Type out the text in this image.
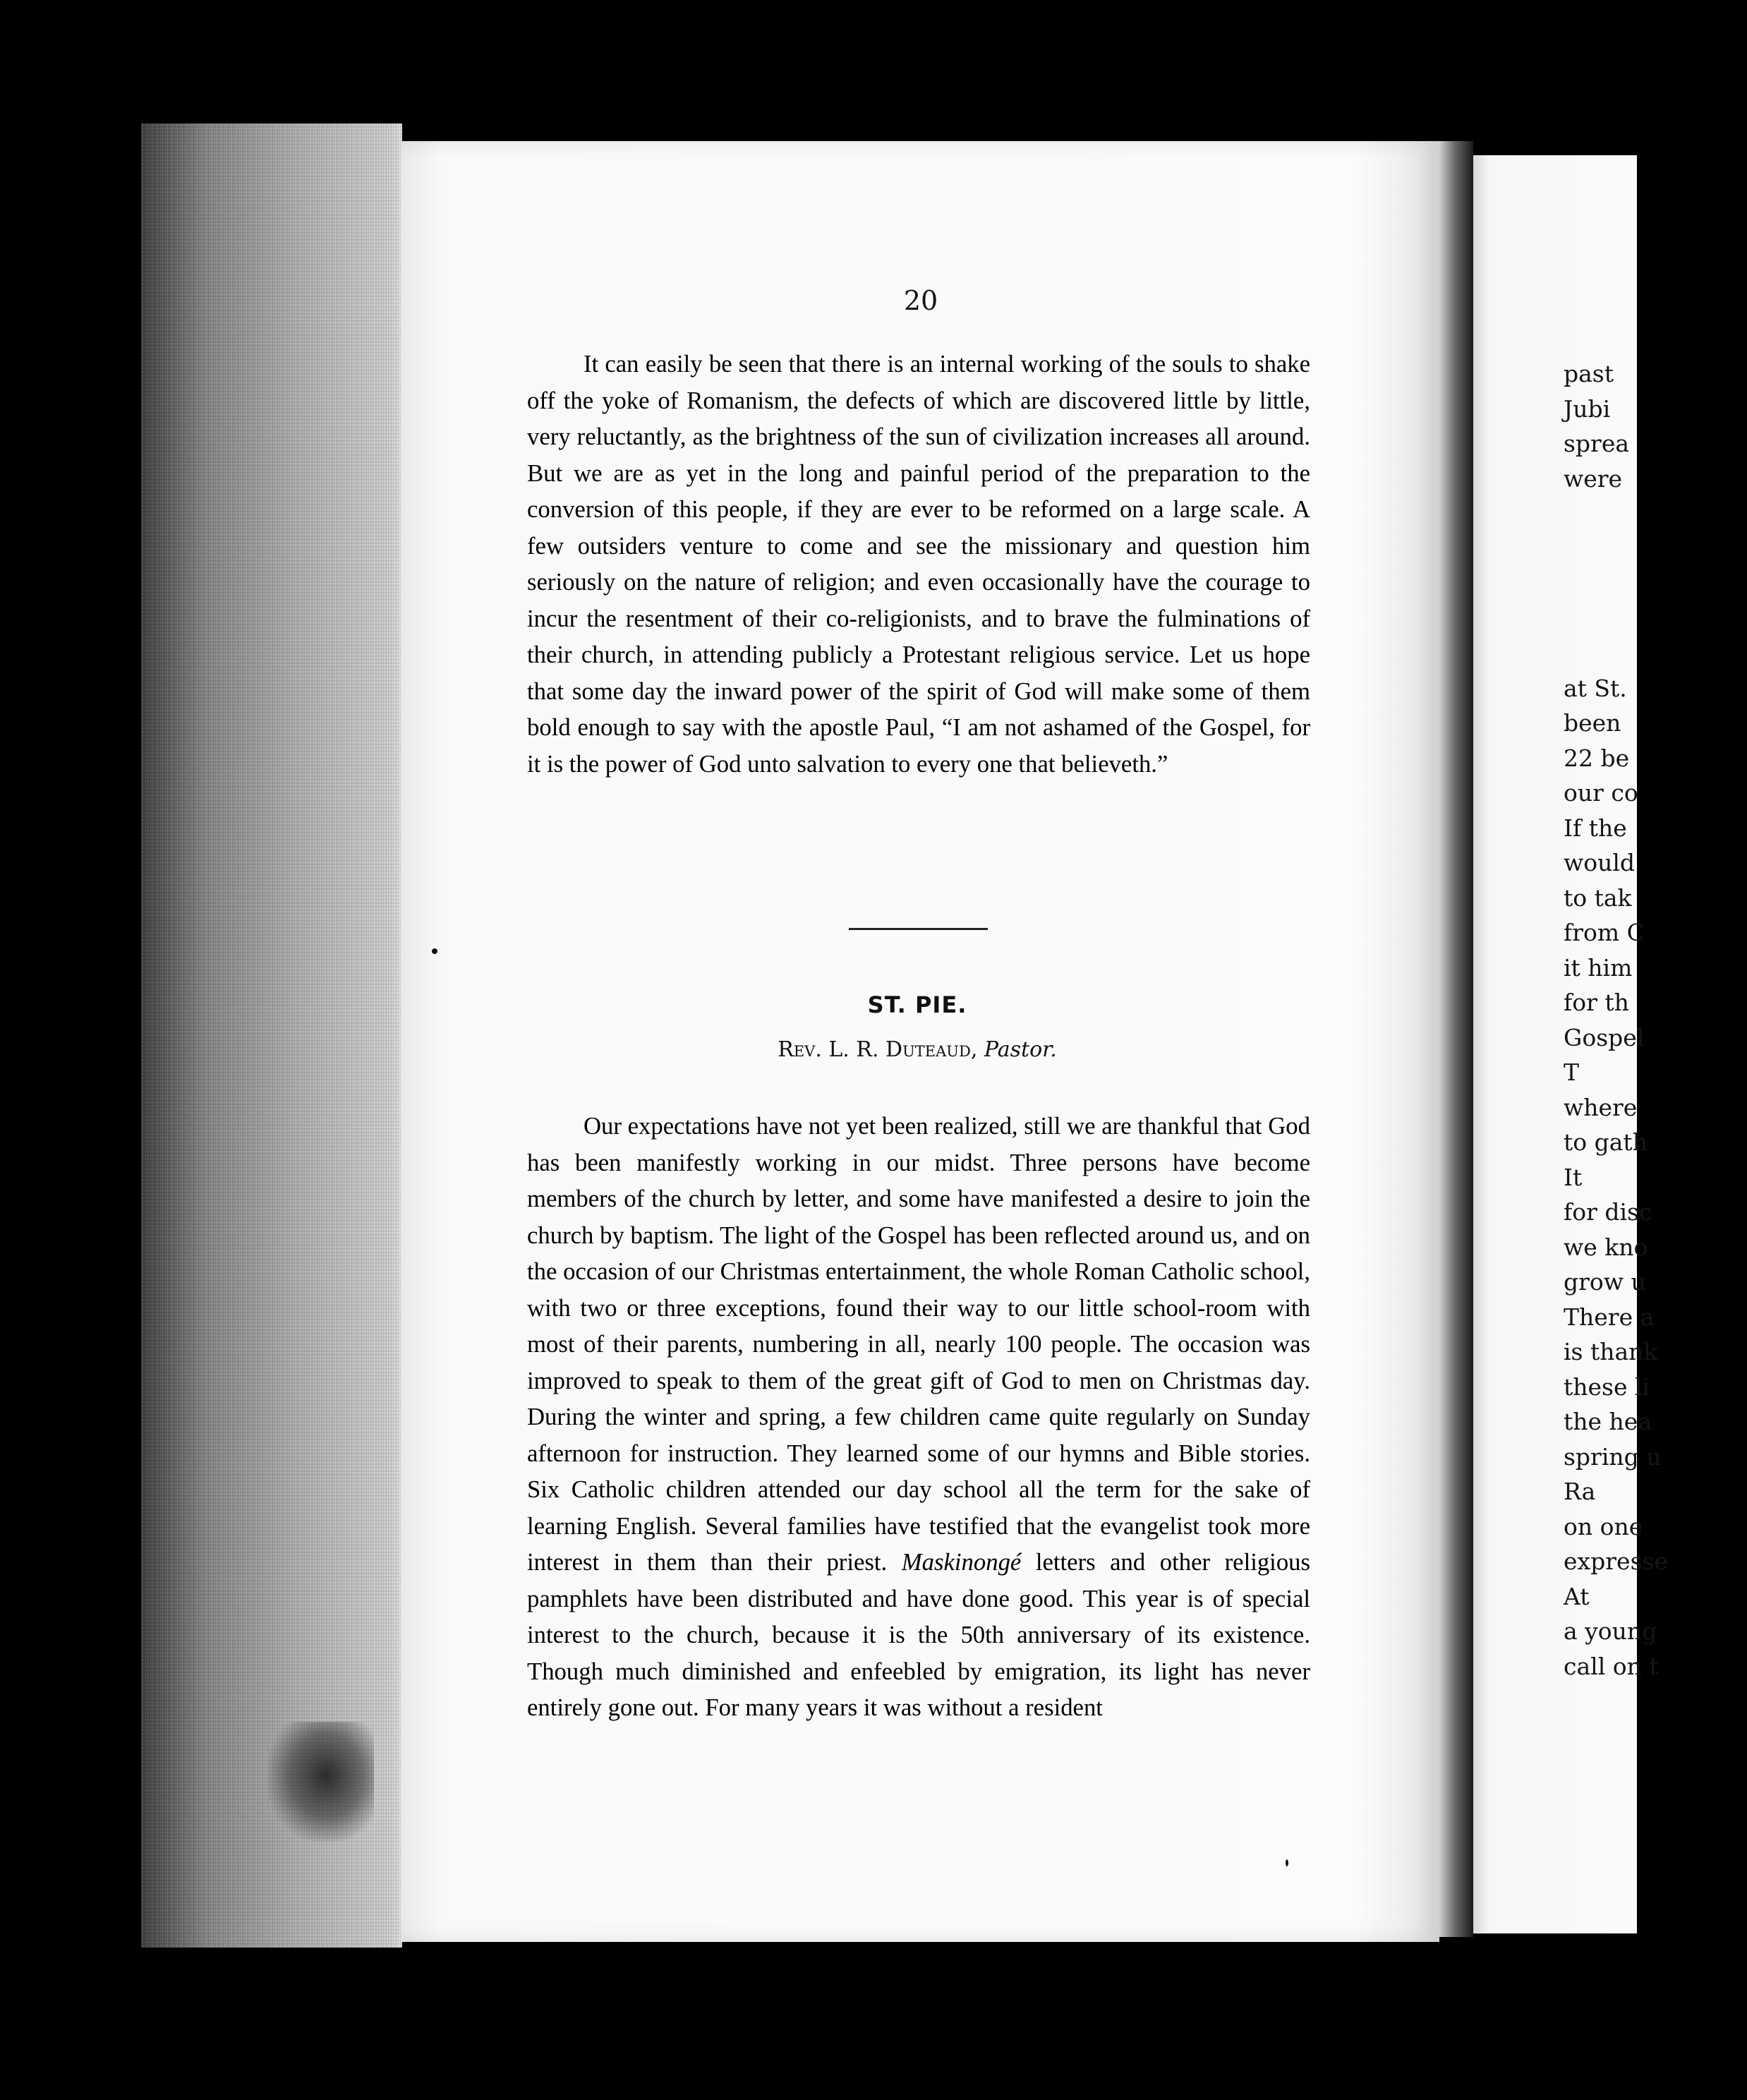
past
Jubi
sprea
were
at St.
been
22 be
our co
If the
would
to tak
from C
it him
for th
Gospel
T
where
to gath
It
for disc
we kno
grow u
There a
is thank
these li
the hea
spring u
Ra
on one
expresse
At
a young
call on t
20
It can easily be seen that there is an internal working of the souls to shake off the yoke of Romanism, the defects of which are discovered little by little, very reluctantly, as the brightness of the sun of civilization increases all around. But we are as yet in the long and painful period of the preparation to the conversion of this people, if they are ever to be reformed on a large scale. A few outsiders venture to come and see the missionary and question him seriously on the nature of religion; and even occasionally have the courage to incur the resentment of their co-religionists, and to brave the fulminations of their church, in attending publicly a Protestant religious service. Let us hope that some day the inward power of the spirit of God will make some of them bold enough to say with the apostle Paul, “I am not ashamed of the Gospel, for it is the power of God unto salvation to every one that believeth.”
ST. PIE.
Rev. L. R. Duteaud, Pastor.
Our expectations have not yet been realized, still we are thankful that God has been manifestly working in our midst. Three persons have become members of the church by letter, and some have manifested a desire to join the church by baptism. The light of the Gospel has been reflected around us, and on the occasion of our Christmas entertainment, the whole Roman Catholic school, with two or three exceptions, found their way to our little school-room with most of their parents, numbering in all, nearly 100 people. The occasion was improved to speak to them of the great gift of God to men on Christmas day. During the winter and spring, a few children came quite regularly on Sunday afternoon for instruction. They learned some of our hymns and Bible stories. Six Catholic children attended our day school all the term for the sake of learning English. Several families have testified that the evangelist took more interest in them than their priest. Maskinongé letters and other religious pamphlets have been distributed and have done good. This year is of special interest to the church, because it is the 50th anniversary of its existence. Though much diminished and enfeebled by emigration, its light has never entirely gone out. For many years it was without a resident
